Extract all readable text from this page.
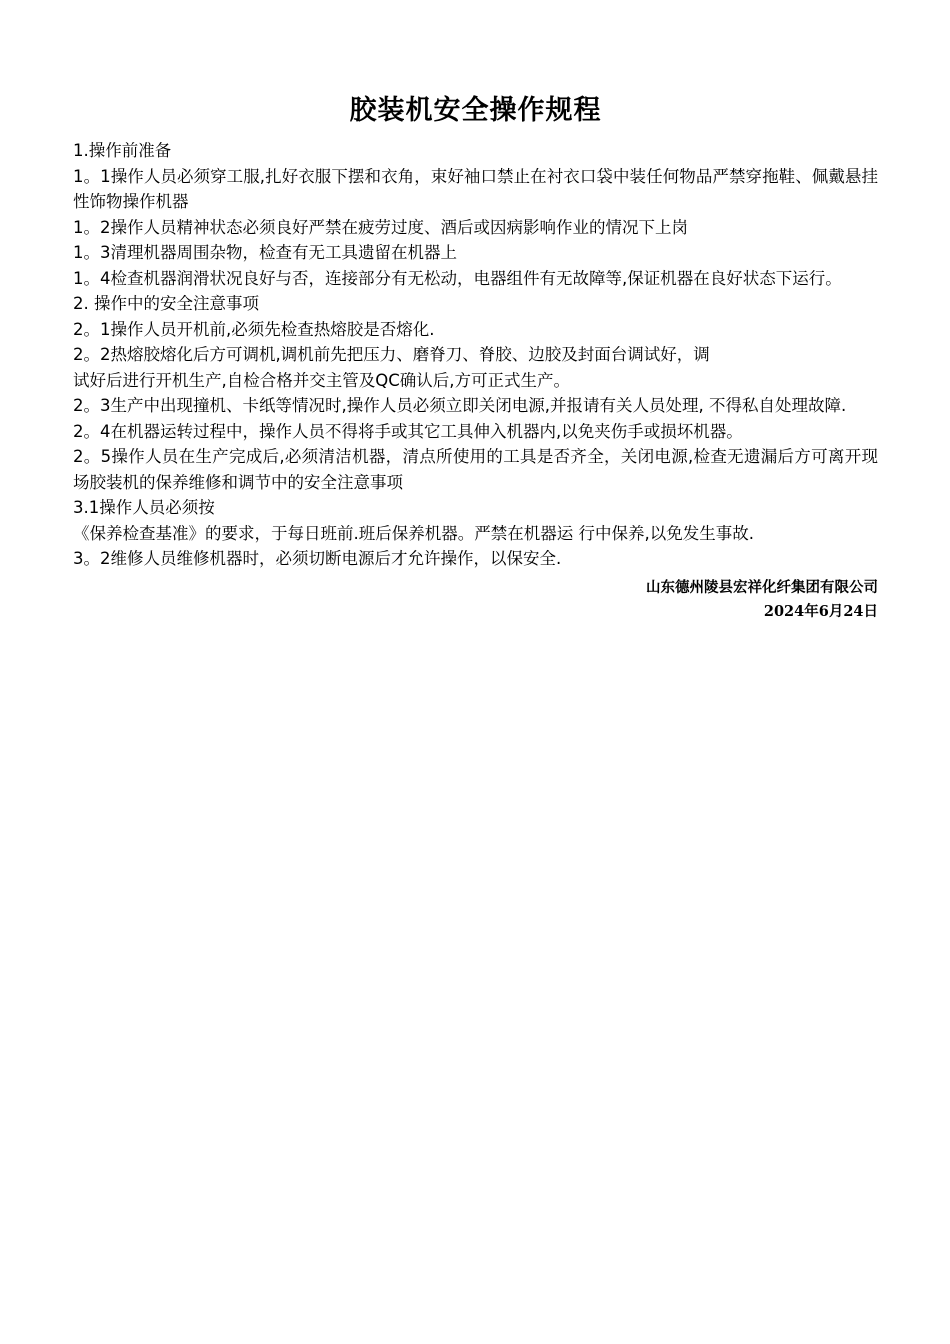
胶装机安全操作规程

1.操作前准备

1。1操作人员必须穿工服,扎好衣服下摆和衣角，束好袖口禁止在衬衣口袋中装任何物品严禁穿拖鞋、佩戴悬挂性饰物操作机器

1。2操作人员精神状态必须良好严禁在疲劳过度、酒后或因病影响作业的情况下上岗

1。3清理机器周围杂物，检查有无工具遗留在机器上

1。4检查机器润滑状况良好与否，连接部分有无松动，电器组件有无故障等,保证机器在良好状态下运行。

2. 操作中的安全注意事项

2。1操作人员开机前,必须先检查热熔胶是否熔化.

2。2热熔胶熔化后方可调机,调机前先把压力、磨脊刀、脊胶、边胶及封面台调试好，调

试好后进行开机生产,自检合格并交主管及QC确认后,方可正式生产。

2。3生产中出现撞机、卡纸等情况时,操作人员必须立即关闭电源,并报请有关人员处理, 不得私自处理故障.

2。4在机器运转过程中，操作人员不得将手或其它工具伸入机器内,以免夹伤手或损坏机器。

2。5操作人员在生产完成后,必须清洁机器，清点所使用的工具是否齐全，关闭电源,检查无遗漏后方可离开现场胶装机的保养维修和调节中的安全注意事项

3.1操作人员必须按

《保养检查基准》的要求，于每日班前.班后保养机器。严禁在机器运 行中保养,以免发生事故.

3。2维修人员维修机器时，必须切断电源后才允许操作，以保安全.

山东德州陵县宏祥化纤集团有限公司
2024年6月24日
